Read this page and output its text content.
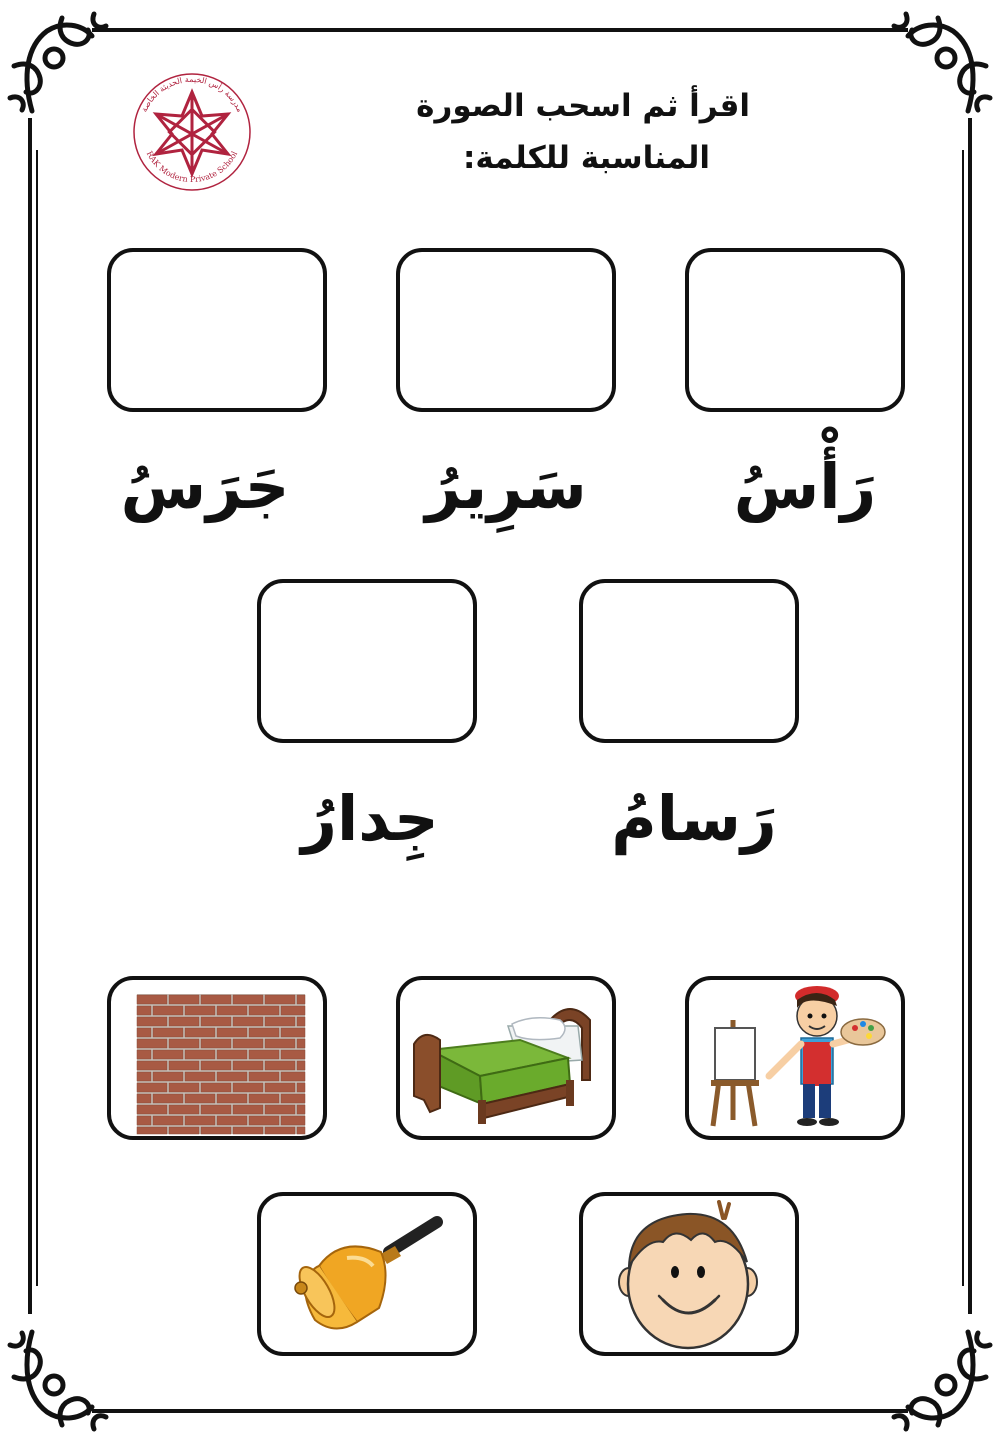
مدرسة رأس الخيمة الحديثة الخاصة
RAK Modern Private School
اقرأ ثم اسحب الصورة
المناسبة للكلمة:
رَأْسُ
سَرِيرُ
جَرَسُ
رَسامُ
جِدارُ
